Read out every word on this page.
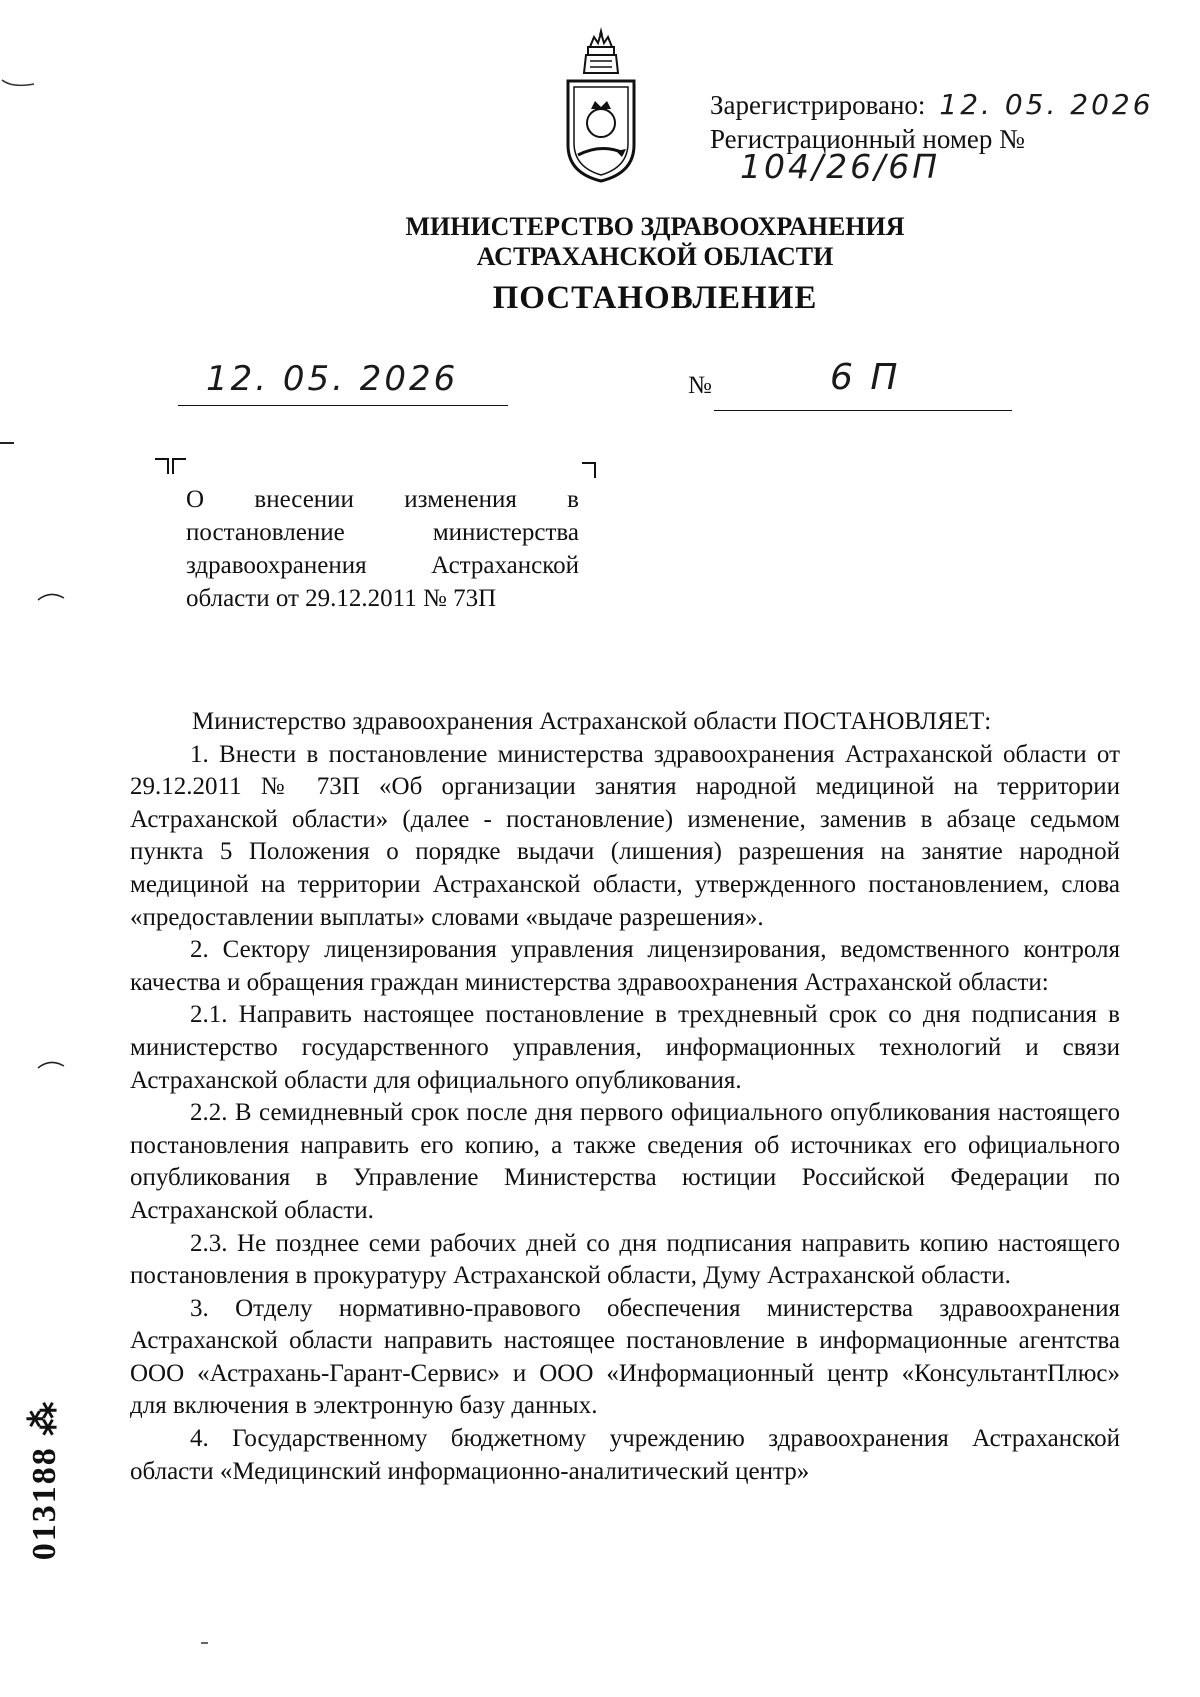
Зарегистрировано: 12. 05. 2026
Регистрационный номер №
104/26/6П
МИНИСТЕРСТВО ЗДРАВООХРАНЕНИЯ
АСТРАХАНСКОЙ ОБЛАСТИ
ПОСТАНОВЛЕНИЕ
12. 05. 2026	№	6 П
О внесении изменения в постановление министерства здравоохранения Астраханской области от 29.12.2011 № 73П

Министерство здравоохранения Астраханской области ПОСТАНОВЛЯЕТ:

1. Внести в постановление министерства здравоохранения Астраханской области от 29.12.2011 № 73П «Об организации занятия народной медициной на территории Астраханской области» (далее - постановление) изменение, заменив в абзаце седьмом пункта 5 Положения о порядке выдачи (лишения) разрешения на занятие народной медициной на территории Астраханской области, утвержденного постановлением, слова «предоставлении выплаты» словами «выдаче разрешения».

2. Сектору лицензирования управления лицензирования, ведомственного контроля качества и обращения граждан министерства здравоохранения Астраханской области:

2.1. Направить настоящее постановление в трехдневный срок со дня подписания в министерство государственного управления, информационных технологий и связи Астраханской области для официального опубликования.

2.2. В семидневный срок после дня первого официального опубликования настоящего постановления направить его копию, а также сведения об источниках его официального опубликования в Управление Министерства юстиции Российской Федерации по Астраханской области.

2.3. Не позднее семи рабочих дней со дня подписания направить копию настоящего постановления в прокуратуру Астраханской области, Думу Астраханской области.

3. Отделу нормативно-правового обеспечения министерства здравоохранения Астраханской области направить настоящее постановление в информационные агентства ООО «Астрахань-Гарант-Сервис» и ООО «Информационный центр «КонсультантПлюс» для включения в электронную базу данных.

4. Государственному бюджетному учреждению здравоохранения Астраханской области «Медицинский информационно-аналитический центр»

013188 ⁂
